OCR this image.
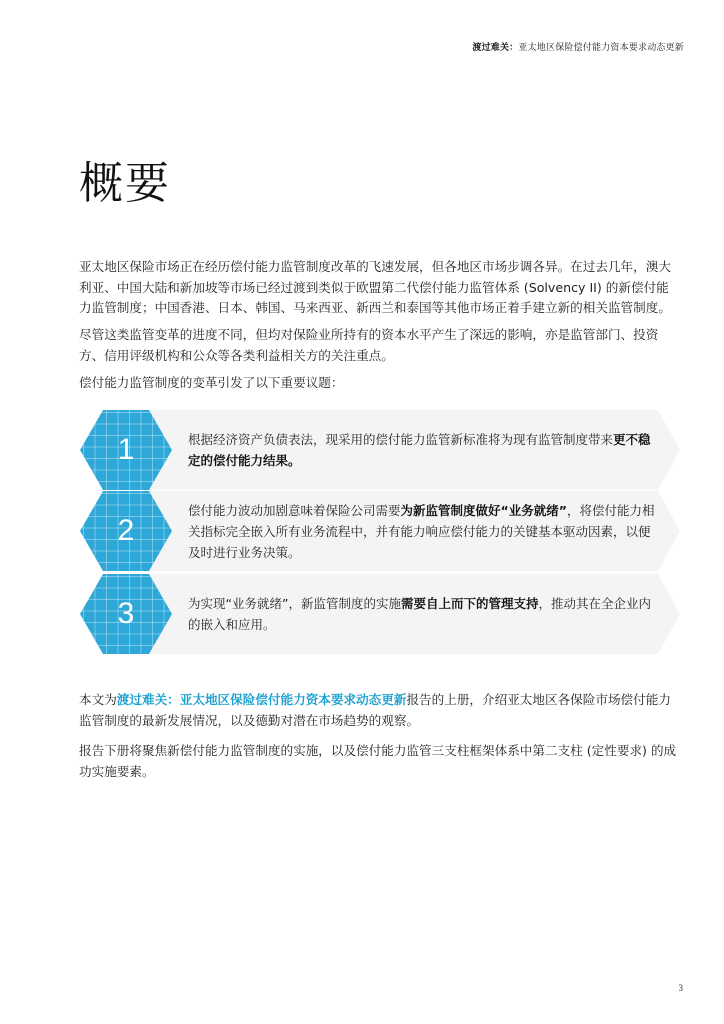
渡过难关：亚太地区保险偿付能力资本要求动态更新
概要

亚太地区保险市场正在经历偿付能力监管制度改革的飞速发展，但各地区市场步调各异。在过去几年，澳大利亚、中国大陆和新加坡等市场已经过渡到类似于欧盟第二代偿付能力监管体系 (Solvency II) 的新偿付能力监管制度；中国香港、日本、韩国、马来西亚、新西兰和泰国等其他市场正着手建立新的相关监管制度。

尽管这类监管变革的进度不同，但均对保险业所持有的资本水平产生了深远的影响，亦是监管部门、投资方、信用评级机构和公众等各类利益相关方的关注重点。

偿付能力监管制度的变革引发了以下重要议题：

1	根据经济资产负债表法，现采用的偿付能力监管新标准将为现有监管制度带来更不稳定的偿付能力结果。
2
偿付能力波动加剧意味着保险公司需要为新监管制度做好“业务就绪”，将偿付能力相关指标完全嵌入所有业务流程中，并有能力响应偿付能力的关键基本驱动因素，以便及时进行业务决策。
3	为实现“业务就绪”，新监管制度的实施需要自上而下的管理支持，推动其在全企业内的嵌入和应用。

本文为渡过难关：亚太地区保险偿付能力资本要求动态更新报告的上册，介绍亚太地区各保险市场偿付能力监管制度的最新发展情况，以及德勤对潜在市场趋势的观察。

报告下册将聚焦新偿付能力监管制度的实施，以及偿付能力监管三支柱框架体系中第二支柱 (定性要求) 的成功实施要素。

3
